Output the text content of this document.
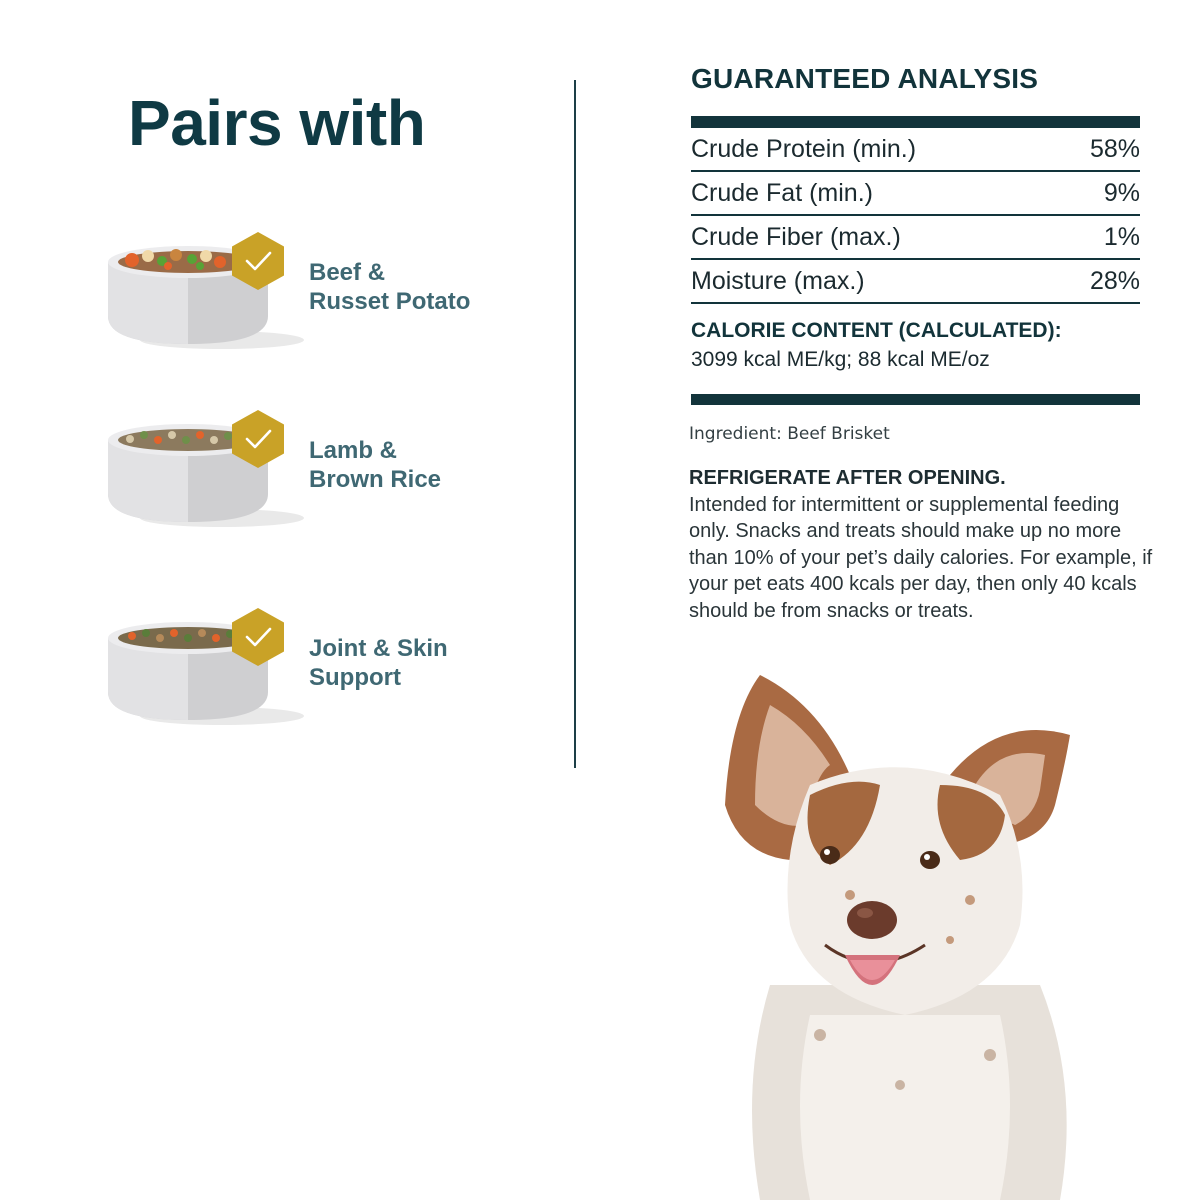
Pairs with
Beef &
Russet Potato
Lamb &
Brown Rice
Joint & Skin
Support
GUARANTEED ANALYSIS
Crude Protein (min.)	58%
Crude Fat (min.)	9%
Crude Fiber (max.)	1%
Moisture (max.)	28%
CALORIE CONTENT (CALCULATED):
3099 kcal ME/kg; 88 kcal ME/oz
Ingredient: Beef Brisket
REFRIGERATE AFTER OPENING.
Intended for intermittent or supplemental feeding only. Snacks and treats should make up no more than 10% of your pet’s daily calories. For example, if your pet eats 400 kcals per day, then only 40 kcals should be from snacks or treats.
